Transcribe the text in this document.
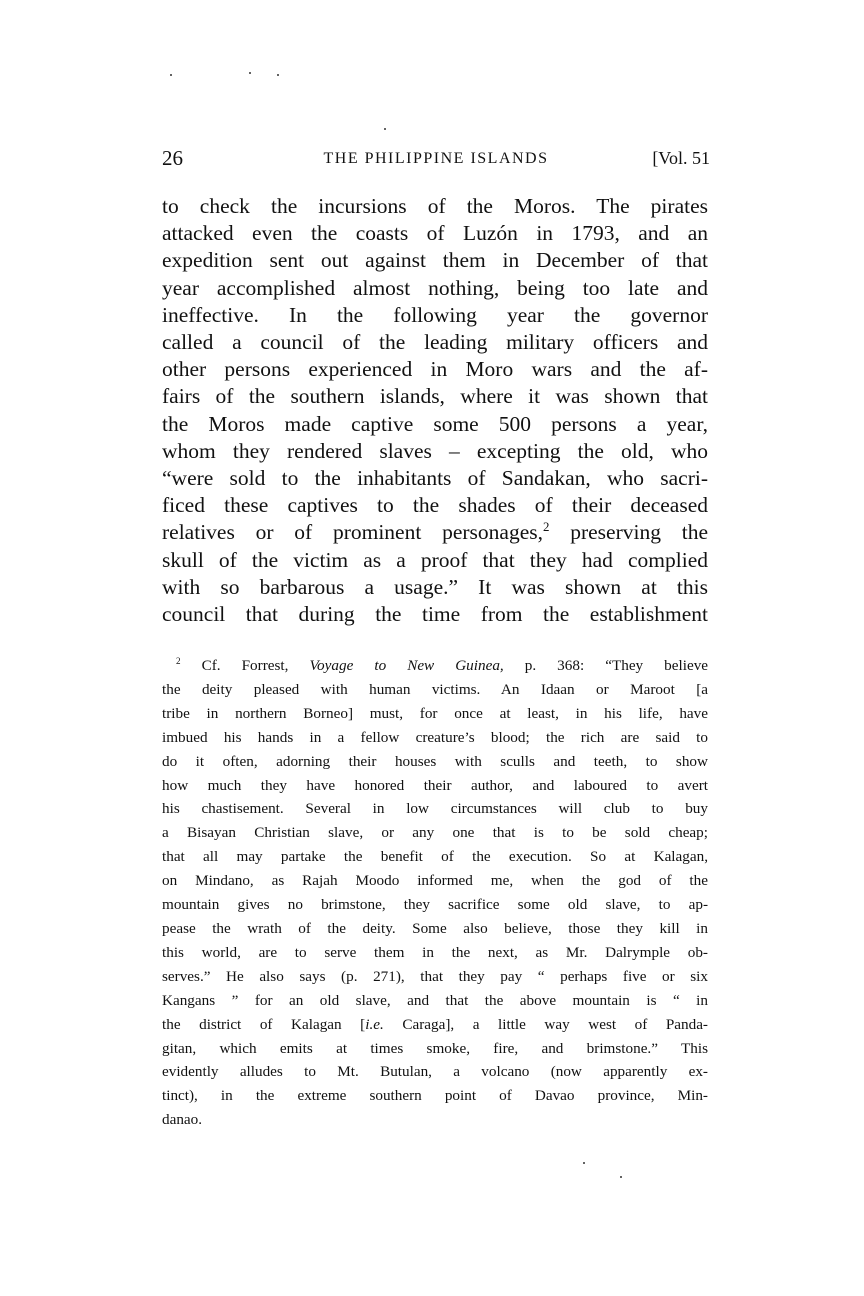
26	THE PHILIPPINE ISLANDS	[Vol. 51
to check the incursions of the Moros. The pirates
attacked even the coasts of Luzón in 1793, and an
expedition sent out against them in December of that
year accomplished almost nothing, being too late and
ineffective. In the following year the governor
called a council of the leading military officers and
other persons experienced in Moro wars and the af-
fairs of the southern islands, where it was shown that
the Moros made captive some 500 persons a year,
whom they rendered slaves – excepting the old, who
“were sold to the inhabitants of Sandakan, who sacri-
ficed these captives to the shades of their deceased
relatives or of prominent personages,$^2$ preserving the
skull of the victim as a proof that they had complied
with so barbarous a usage.” It was shown at this
council that during the time from the establishment
$^2$ Cf. Forrest, Voyage to New Guinea, p. 368: “They believe
the deity pleased with human victims. An Idaan or Maroot [a
tribe in northern Borneo] must, for once at least, in his life, have
imbued his hands in a fellow creature’s blood; the rich are said to
do it often, adorning their houses with sculls and teeth, to show
how much they have honored their author, and laboured to avert
his chastisement. Several in low circumstances will club to buy
a Bisayan Christian slave, or any one that is to be sold cheap;
that all may partake the benefit of the execution. So at Kalagan,
on Mindano, as Rajah Moodo informed me, when the god of the
mountain gives no brimstone, they sacrifice some old slave, to ap-
pease the wrath of the deity. Some also believe, those they kill in
this world, are to serve them in the next, as Mr. Dalrymple ob-
serves.” He also says (p. 271), that they pay “ perhaps five or six
Kangans ” for an old slave, and that the above mountain is “ in
the district of Kalagan [i.e. Caraga], a little way west of Panda-
gitan, which emits at times smoke, fire, and brimstone.” This
evidently alludes to Mt. Butulan, a volcano (now apparently ex-
tinct), in the extreme southern point of Davao province, Min-
danao.
